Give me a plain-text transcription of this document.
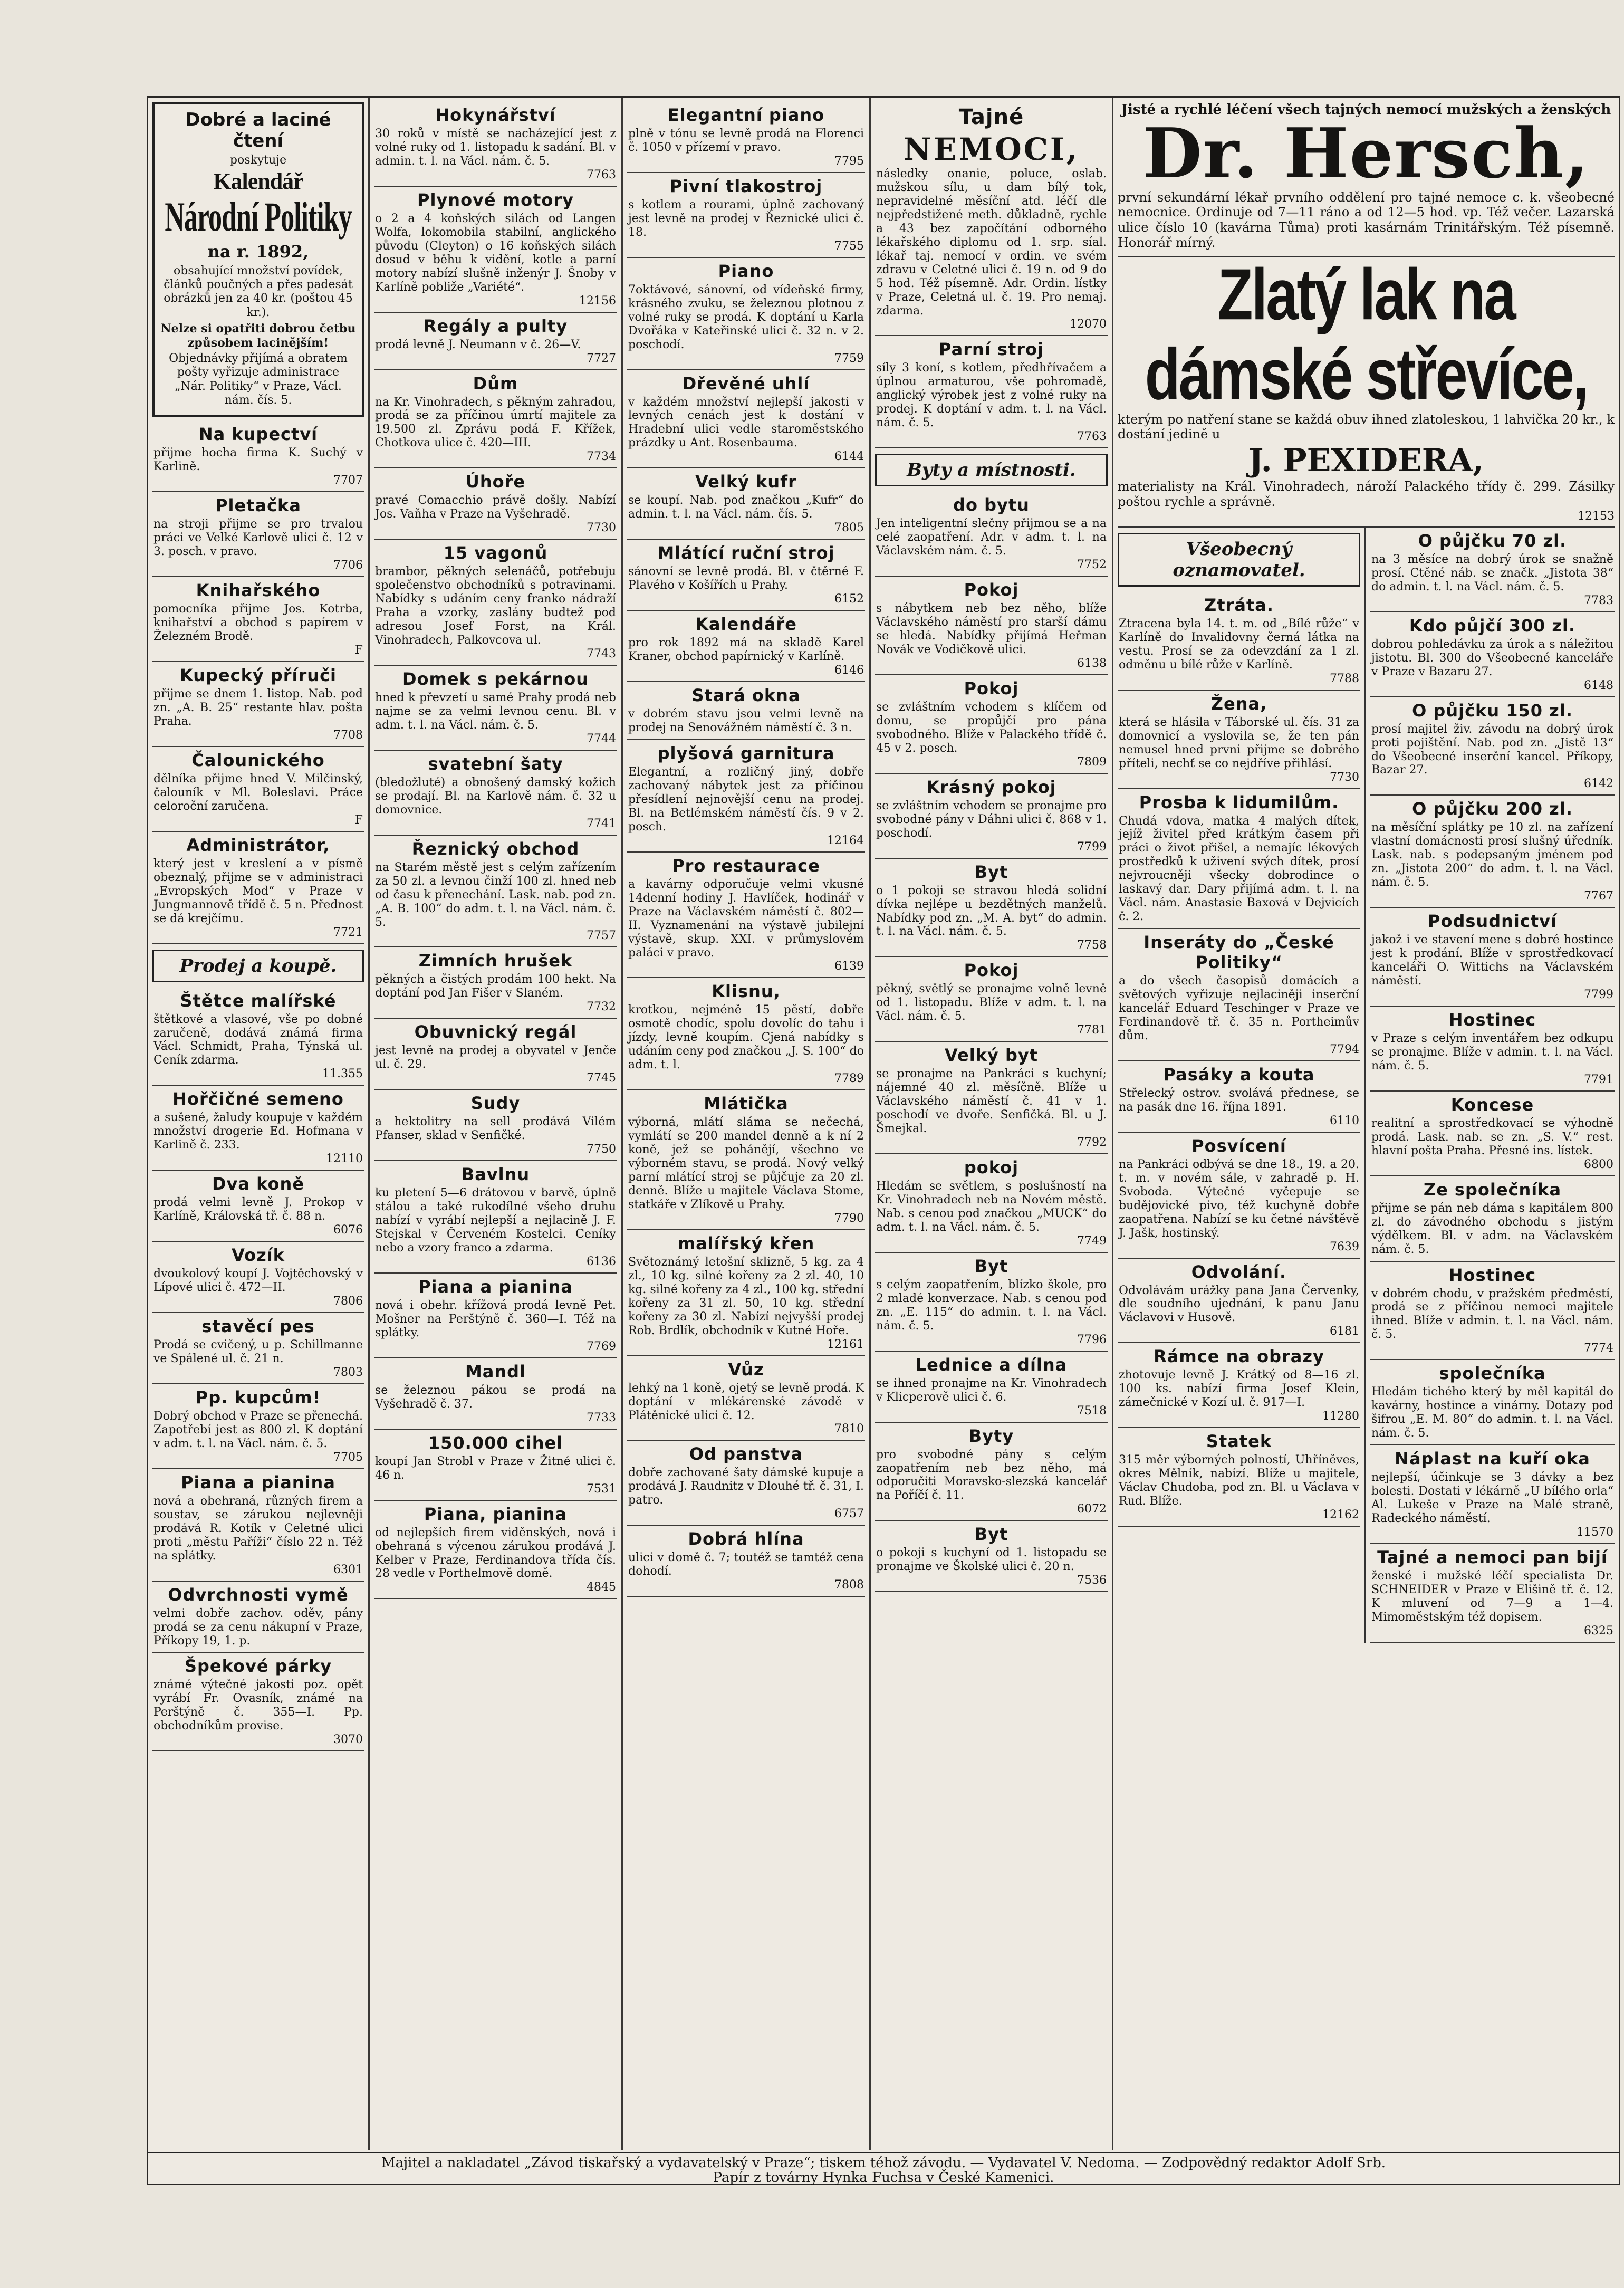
Dobré a laciné čtení

poskytuje

Kalendář
Národní Politiky

na r. 1892,

obsahující množství povídek, článků poučných a přes padesát obrázků jen za 40 kr. (poštou 45 kr.).

Nelze si opatřiti dobrou četbu způsobem lacinějším!

Objednávky přijímá a obratem pošty vyřizuje administrace „Nár. Politiky“ v Praze, Václ. nám. čís. 5.

Na kupectví

přijme hocha firma K. Suchý v Karlině.

7707
Pletačka

na stroji přijme se pro trvalou práci ve Velké Karlově ulici č. 12 v 3. posch. v pravo.

7706
Knihařského

pomocníka přijme Jos. Kotrba, knihařství a obchod s papírem v Železném Brodě.

F
Kupecký příruči

přijme se dnem 1. listop. Nab. pod zn. „A. B. 25“ restante hlav. pošta Praha.

7708
Čalounického

dělníka přijme hned V. Milčinský, čalouník v Ml. Boleslavi. Práce celoroční zaručena.

F
Administrátor,

který jest v kreslení a v písmě obeznalý, přijme se v administraci „Evropských Mod“ v Praze v Jungmannově třídě č. 5 n. Přednost se dá krejčímu.

7721
Prodej a koupě.
Štětce malířské

štětkové a vlasové, vše po dobné zaručeně, dodává známá firma Václ. Schmidt, Praha, Týnská ul. Ceník zdarma.

11.355
Hořčičné semeno

a sušené, žaludy koupuje v každém množství drogerie Ed. Hofmana v Karlině č. 233.

12110
Dva koně

prodá velmi levně J. Prokop v Karlíně, Královská tř. č. 88 n.

6076
Vozík

dvoukolový koupí J. Vojtěchovský v Lípové ulici č. 472—II.

7806
stavěcí pes

Prodá se cvičený, u p. Schillmanne ve Spálené ul. č. 21 n.

7803
Pp. kupcům!

Dobrý obchod v Praze se přenechá. Zapotřebí jest as 800 zl. K doptání v adm. t. l. na Václ. nám. č. 5.

7705
Piana a pianina

nová a obehraná, různých firem a soustav, se zárukou nejlevněji prodává R. Kotík v Celetné ulici proti „městu Paříži“ číslo 22 n. Též na splátky.

6301
Odvrchnosti vymě

velmi dobře zachov. oděv, pány prodá se za cenu nákupní v Praze, Příkopy 19, 1. p.

Špekové párky

známé výtečné jakosti poz. opět vyrábí Fr. Ovasník, známé na Perštýně č. 355—I. Pp. obchodníkům provise.

3070
Hokynářství

30 roků v místě se nacházející jest z volné ruky od 1. listopadu k sadání. Bl. v admin. t. l. na Václ. nám. č. 5.

7763
Plynové motory

o 2 a 4 koňských silách od Langen Wolfa, lokomobila stabilní, anglického původu (Cleyton) o 16 koňských silách dosud v běhu k vidění, kotle a parní motory nabízí slušně inženýr J. Šnoby v Karlíně pobliže „Variété“.

12156
Regály a pulty

prodá levně J. Neumann v č. 26—V.

7727
Dům

na Kr. Vinohradech, s pěkným zahradou, prodá se za příčinou úmrtí majitele za 19.500 zl. Zprávu podá F. Křížek, Chotkova ulice č. 420—III.

7734
Úhoře

pravé Comacchio právě došly. Nabízí Jos. Vaňha v Praze na Vyšehradě.

7730
15 vagonů

brambor, pěkných selenáčů, potřebuju společenstvo obchodníků s potravinami. Nabídky s udáním ceny franko nádraží Praha a vzorky, zaslány budtež pod adresou Josef Forst, na Král. Vinohradech, Palkovcova ul.

7743
Domek s pekárnou

hned k převzetí u samé Prahy prodá neb najme se za velmi levnou cenu. Bl. v adm. t. l. na Václ. nám. č. 5.

7744
svatební šaty

(bledožluté) a obnošený damský kožich se prodají. Bl. na Karlově nám. č. 32 u domovnice.

7741
Řeznický obchod

na Starém městě jest s celým zařízením za 50 zl. a levnou činží 100 zl. hned neb od času k přenechání. Lask. nab. pod zn. „A. B. 100“ do adm. t. l. na Václ. nám. č. 5.

7757
Zimních hrušek

pěkných a čistých prodám 100 hekt. Na doptání pod Jan Fišer v Slaném.

7732
Obuvnický regál

jest levně na prodej a obyvatel v Jenče ul. č. 29.

7745
Sudy

a hektolitry na sell prodává Vilém Pfanser, sklad v Senfičké.

7750
Bavlnu

ku pletení 5—6 drátovou v barvě, úplně stálou a také rukodílné všeho druhu nabízí v vyrábí nejlepší a nejlacině J. F. Stejskal v Červeném Kostelci. Ceníky nebo a vzory franco a zdarma.

6136
Piana a pianina

nová i obehr. křížová prodá levně Pet. Mošner na Perštýně č. 360—I. Též na splátky.

7769
Mandl

se železnou pákou se prodá na Vyšehradě č. 37.

7733
150.000 cihel

koupí Jan Strobl v Praze v Žitné ulici č. 46 n.

7531
Piana, pianina

od nejlepších firem viděnských, nová i obehraná s výcenou zárukou prodává J. Kelber v Praze, Ferdinandova třída čís. 28 vedle v Porthelmově domě.

4845
Elegantní piano

plně v tónu se levně prodá na Florenci č. 1050 v přízemí v pravo.

7795
Pivní tlakostroj

s kotlem a rourami, úplně zachovaný jest levně na prodej v Řeznické ulici č. 18.

7755
Piano

7oktávové, sánovní, od vídeňské firmy, krásného zvuku, se železnou plotnou z volné ruky se prodá. K doptání u Karla Dvořáka v Kateřinské ulici č. 32 n. v 2. poschodí.

7759
Dřevěné uhlí

v každém množství nejlepší jakosti v levných cenách jest k dostání v Hradební ulici vedle staroměstského prázdky u Ant. Rosenbauma.

6144
Velký kufr

se koupí. Nab. pod značkou „Kufr“ do admin. t. l. na Václ. nám. čís. 5.

7805
Mlátící ruční stroj

sánovní se levně prodá. Bl. v čtěrné F. Plavého v Košířích u Prahy.

6152
Kalendáře

pro rok 1892 má na skladě Karel Kraner, obchod papírnický v Karlíně.

6146
Stará okna

v dobrém stavu jsou velmi levně na prodej na Senovážném náměstí č. 3 n.

plyšová garnitura

Elegantní, a rozličný jiný, dobře zachovaný nábytek jest za příčinou přesídlení nejnovější cenu na prodej. Bl. na Betlémském náměstí čís. 9 v 2. posch.

12164
Pro restaurace

a kavárny odporučuje velmi vkusné 14denní hodiny J. Havlíček, hodinář v Praze na Václavském náměstí č. 802—II. Vyznamenání na výstavě jubilejní výstavě, skup. XXI. v průmyslovém paláci v pravo.

6139
Klisnu,

krotkou, nejméně 15 pěstí, dobře osmotě chodíc, spolu dovolíc do tahu i jízdy, levně koupím. Cjená nabídky s udáním ceny pod značkou „J. S. 100“ do adm. t. l.

7789
Mlátička

výborná, mlátí sláma se nečechá, vymlátí se 200 mandel denně a k ní 2 koně, jež se pohánějí, všechno ve výborném stavu, se prodá. Nový velký parní mlátící stroj se půjčuje za 20 zl. denně. Blíže u majitele Václava Stome, statkáře v Zlíkově u Prahy.

7790
malířský křen

Světoznámý letošní sklizně, 5 kg. za 4 zl., 10 kg. silné kořeny za 2 zl. 40, 10 kg. silné kořeny za 4 zl., 100 kg. střední kořeny za 31 zl. 50, 10 kg. střední kořeny za 30 zl. Nabízí nejvyšší prodej Rob. Brdlík, obchodník v Kutné Hoře.

12161
Vůz

lehký na 1 koně, ojetý se levně prodá. K doptání v mlékárenské závodě v Plátěnické ulici č. 12.

7810
Od panstva

dobře zachované šaty dámské kupuje a prodává J. Raudnitz v Dlouhé tř. č. 31, I. patro.

6757
Dobrá hlína

ulici v domě č. 7; toutéž se tamtéž cena dohodí.

7808
Tajné
NEMOCI,

následky onanie, poluce, oslab. mužskou sílu, u dam bílý tok, nepravidelné měsíční atd. léčí dle nejpředstižené meth. důkladně, rychle a 43 bez započítání odborného lékařského diplomu od 1. srp. síal. lékař taj. nemocí v ordin. ve svém zdravu v Celetné ulici č. 19 n. od 9 do 5 hod. Též písemně. Adr. Ordin. lístky v Praze, Celetná ul. č. 19. Pro nemaj. zdarma.

12070
Parní stroj

síly 3 koní, s kotlem, předhřívačem a úplnou armaturou, vše pohromadě, anglický výrobek jest z volné ruky na prodej. K doptání v adm. t. l. na Václ. nám. č. 5.

7763
Byty a místnosti.
do bytu

Jen inteligentní slečny přijmou se a na celé zaopatření. Adr. v adm. t. l. na Václavském nám. č. 5.

7752
Pokoj

s nábytkem neb bez něho, blíže Václavského náměstí pro starší dámu se hledá. Nabídky přijímá Heřman Novák ve Vodičkově ulici.

6138
Pokoj

se zvláštním vchodem s klíčem od domu, se propůjčí pro pána svobodného. Blíže v Palackého třídě č. 45 v 2. posch.

7809
Krásný pokoj

se zvláštním vchodem se pronajme pro svobodné pány v Dáhni ulici č. 868 v 1. poschodí.

7799
Byt

o 1 pokoji se stravou hledá solidní dívka nejlépe u bezdětných manželů. Nabídky pod zn. „M. A. byt“ do admin. t. l. na Václ. nám. č. 5.

7758
Pokoj

pěkný, světlý se pronajme volně levně od 1. listopadu. Blíže v adm. t. l. na Václ. nám. č. 5.

7781
Velký byt

se pronajme na Pankráci s kuchyní; nájemné 40 zl. měsíčně. Blíže u Václavského náměstí č. 41 v 1. poschodí ve dvoře. Senfičká. Bl. u J. Šmejkal.

7792
pokoj

Hledám se světlem, s poslušností na Kr. Vinohradech neb na Novém městě. Nab. s cenou pod značkou „MUCK“ do adm. t. l. na Václ. nám. č. 5.

7749
Byt

s celým zaopatřením, blízko škole, pro 2 mladé konverzace. Nab. s cenou pod zn. „E. 115“ do admin. t. l. na Václ. nám. č. 5.

7796
Lednice a dílna

se ihned pronajme na Kr. Vinohradech v Klicperově ulici č. 6.

7518
Byty

pro svobodné pány s celým zaopatřením neb bez něho, má odporučiti Moravsko-slezská kancelář na Poříčí č. 11.

6072
Byt

o pokoji s kuchyní od 1. listopadu se pronajme ve Školské ulici č. 20 n.

7536

Jisté a rychlé léčení všech tajných nemocí mužských a ženských

Dr. Hersch,

první sekundární lékař prvního oddělení pro tajné nemoce c. k. všeobecné nemocnice. Ordinuje od 7—11 ráno a od 12—5 hod. vp. Též večer. Lazarská ulice číslo 10 (kavárna Tůma) proti kasárnám Trinitářským. Též písemně. Honorář mírný.

Zlatý lak na dámské střevíce,

kterým po natření stane se každá obuv ihned zlatoleskou, 1 lahvička 20 kr., k dostání jedině u

J. PEXIDERA,

materialisty na Král. Vinohradech, nároží Palackého třídy č. 299. Zásilky poštou rychle a správně.

12153
Všeobecný oznamovatel.
Ztráta.

Ztracena byla 14. t. m. od „Bílé růže“ v Karlíně do Invalidovny černá látka na vestu. Prosí se za odevzdání za 1 zl. odměnu u bílé růže v Karlíně.

7788
Žena,

která se hlásila v Táborské ul. čís. 31 za domovnicí a vyslovila se, že ten pán nemusel hned prvni přijme se dobrého příteli, nechť se co nejdříve přihlásí.

7730
Prosba k lidumilům.

Chudá vdova, matka 4 malých dítek, jejíž živitel před krátkým časem při práci o život přišel, a nemajíc lékových prostředků k uživení svých dítek, prosí nejvroucněji všecky dobrodince o laskavý dar. Dary přijímá adm. t. l. na Václ. nám. Anastasie Baxová v Dejvicích č. 2.

Inseráty do „České Politiky“

a do všech časopisů domácích a světových vyřizuje nejlaciněji inserční kancelář Eduard Teschinger v Praze ve Ferdinandově tř. č. 35 n. Portheimův dům.

7794
Pasáky a kouta

Střelecký ostrov. svolává přednese, se na pasák dne 16. října 1891.

6110
Posvícení

na Pankráci odbývá se dne 18., 19. a 20. t. m. v novém sále, v zahradě p. H. Svoboda. Výtečné vyčepuje se budějovické pivo, též kuchyně dobře zaopatřena. Nabízí se ku četné návštěvě J. Jašk, hostinský.

7639
Odvolání.

Odvolávám urážky pana Jana Červenky, dle soudního ujednání, k panu Janu Václavovi v Husově.

6181
Rámce na obrazy

zhotovuje levně J. Krátký od 8—16 zl. 100 ks. nabízí firma Josef Klein, zámečnické v Kozí ul. č. 917—I.

11280
Statek

315 měr výborných polností, Uhříněves, okres Mělník, nabízí. Blíže u majitele, Václav Chudoba, pod zn. Bl. u Václava v Rud. Blíže.

12162
O půjčku 70 zl.

na 3 měsíce na dobrý úrok se snažně prosí. Ctěné náb. se značk. „Jistota 38“ do admin. t. l. na Václ. nám. č. 5.

7783
Kdo půjčí 300 zl.

dobrou pohledávku za úrok a s náležitou jistotu. Bl. 300 do Všeobecné kanceláře v Praze v Bazaru 27.

6148
O půjčku 150 zl.

prosí majitel živ. závodu na dobrý úrok proti pojištění. Nab. pod zn. „Jistě 13“ do Všeobecné inserční kancel. Příkopy, Bazar 27.

6142
O půjčku 200 zl.

na měsíční splátky pe 10 zl. na zařízení vlastní domácnosti prosí slušný úředník. Lask. nab. s podepsaným jménem pod zn. „Jistota 200“ do adm. t. l. na Václ. nám. č. 5.

7767
Podsudnictví

jakož i ve stavení mene s dobré hostince jest k prodání. Blíže v sprostředkovací kanceláři O. Wittichs na Václavském náměstí.

7799
Hostinec

v Praze s celým inventářem bez odkupu se pronajme. Blíže v admin. t. l. na Václ. nám. č. 5.

7791
Koncese

realitní a sprostředkovací se výhodně prodá. Lask. nab. se zn. „S. V.“ rest. hlavní pošta Praha. Přesné ins. lístek.

6800
Ze společníka

přijme se pán neb dáma s kapitálem 800 zl. do závodného obchodu s jistým výdělkem. Bl. v adm. na Václavském nám. č. 5.

Hostinec

v dobrém chodu, v pražském předměstí, prodá se z příčinou nemoci majitele ihned. Blíže v admin. t. l. na Václ. nám. č. 5.

7774
společníka

Hledám tichého který by měl kapitál do kavárny, hostince a vinárny. Dotazy pod šifrou „E. M. 80“ do admin. t. l. na Václ. nám. č. 5.

Náplast na kuří oka

nejlepší, účinkuje se 3 dávky a bez bolesti. Dostati v lékárně „U bílého orla“ Al. Lukeše v Praze na Malé straně, Radeckého náměstí.

11570
Tajné a nemoci pan bijí

ženské i mužské léčí specialista Dr. SCHNEIDER v Praze v Elišině tř. č. 12. K mluvení od 7—9 a 1—4. Mimoměstským též dopisem.

6325
Majitel a nakladatel „Závod tiskařský a vydavatelský v Praze“; tiskem téhož závodu. — Vydavatel V. Nedoma. — Zodpovědný redaktor Adolf Srb.
Papír z továrny Hynka Fuchsa v České Kamenici.
